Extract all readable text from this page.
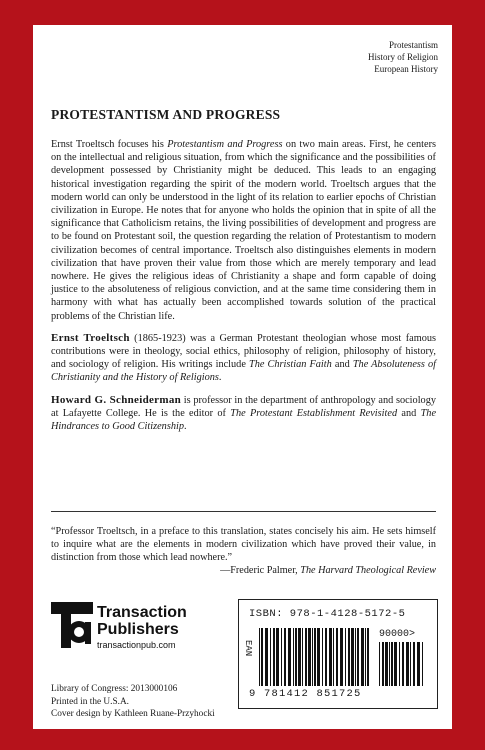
Protestantism
History of Religion
European History
PROTESTANTISM AND PROGRESS

Ernst Troeltsch focuses his Protestantism and Progress on two main areas. First, he centers on the intellectual and religious situation, from which the significance and the possibilities of development possessed by Christianity might be deduced. This leads to an engaging historical investigation regarding the spirit of the modern world. Troeltsch argues that the modern world can only be understood in the light of its relation to earlier epochs of Christian civilization in Europe. He notes that for anyone who holds the opinion that in spite of all the significance that Catholicism retains, the living possibilities of development and progress are to be found on Protestant soil, the question regarding the relation of Protestantism to modern civilization becomes of central importance. Troeltsch also distinguishes elements in modern civilization that have proven their value from those which are merely temporary and lead nowhere. He gives the religious ideas of Christianity a shape and form capable of doing justice to the absoluteness of religious conviction, and at the same time considering them in harmony with what has actually been accomplished towards solution of the practical problems of the Christian life.

Ernst Troeltsch (1865-1923) was a German Protestant theologian whose most famous contributions were in theology, social ethics, philosophy of religion, philosophy of history, and sociology of religion. His writings include The Christian Faith and The Absoluteness of Christianity and the History of Religions.

Howard G. Schneiderman is professor in the department of anthropology and sociology at Lafayette College. He is the editor of The Protestant Establishment Revisited and The Hindrances to Good Citizenship.

“Professor Troeltsch, in a preface to this translation, states concisely his aim. He sets himself to inquire what are the elements in modern civilization which have proved their value, in distinction from those which lead nowhere.”
—Frederic Palmer, The Harvard Theological Review
Transaction
Publishers
transactionpub.com
Library of Congress: 2013000106
Printed in the U.S.A.
Cover design by Kathleen Ruane-Przyhocki
ISBN: 978-1-4128-5172-5
90000>
EAN
9 781412 851725
